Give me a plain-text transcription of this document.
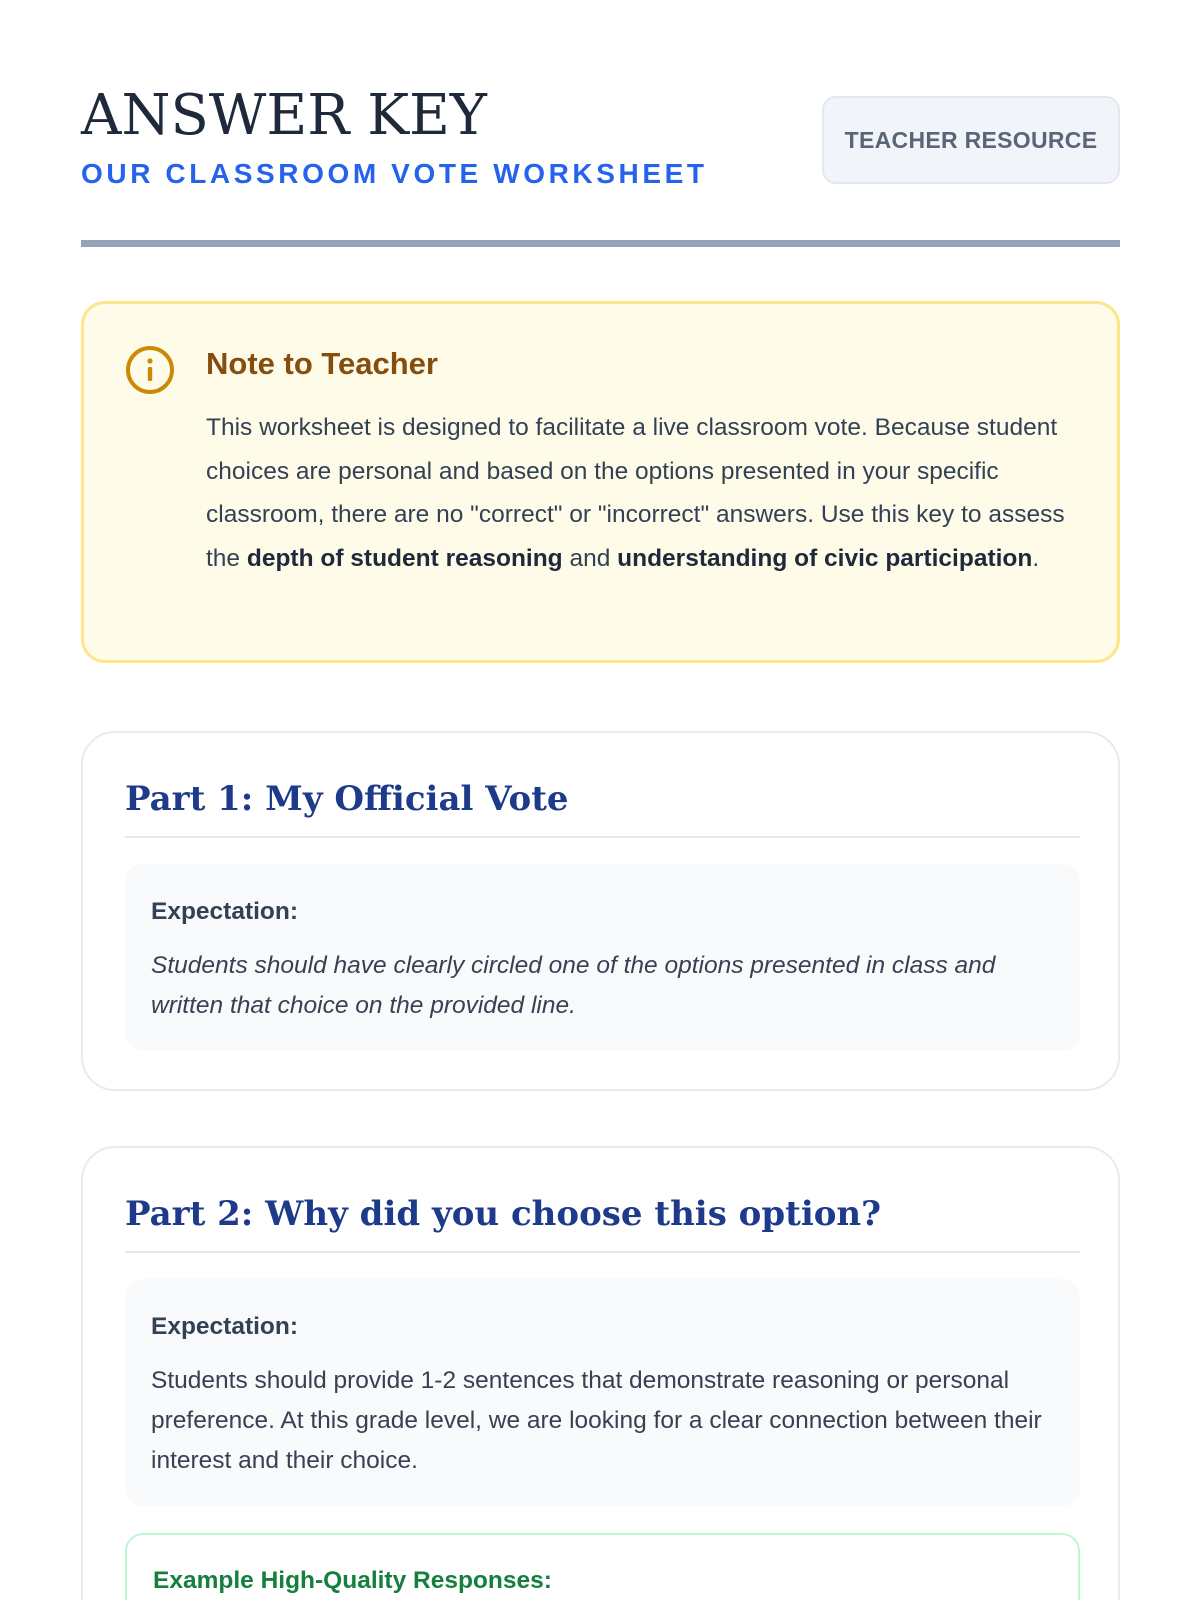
ANSWER KEY
OUR CLASSROOM VOTE WORKSHEET
TEACHER RESOURCE
Note to Teacher

This worksheet is designed to facilitate a live classroom vote. Because student choices are personal and based on the options presented in your specific classroom, there are no "correct" or "incorrect" answers. Use this key to assess the depth of student reasoning and understanding of civic participation.

Part 1: My Official Vote
Expectation:

Students should have clearly circled one of the options presented in class and written that choice on the provided line.

Part 2: Why did you choose this option?
Expectation:

Students should provide 1-2 sentences that demonstrate reasoning or personal preference. At this grade level, we are looking for a clear connection between their interest and their choice.

Example High-Quality Responses:
